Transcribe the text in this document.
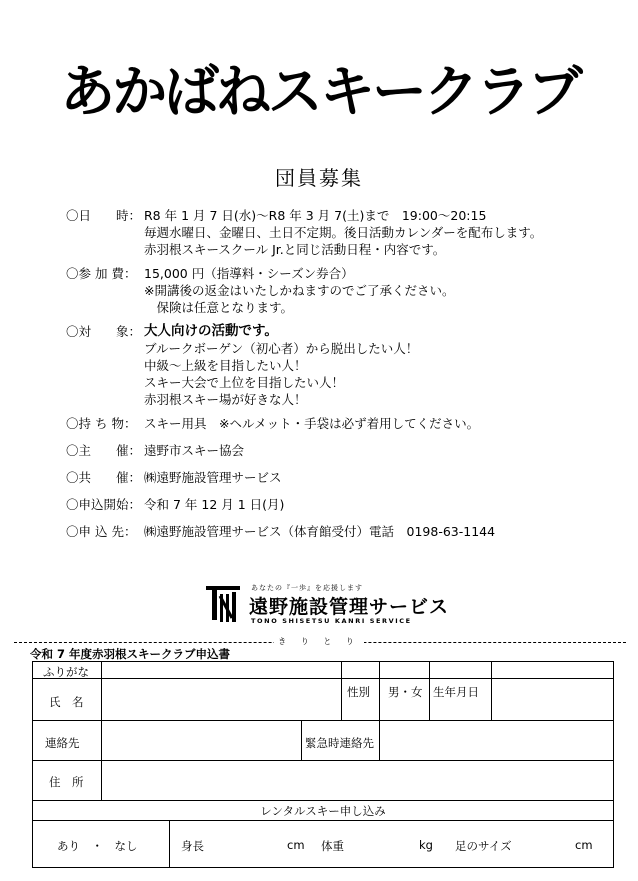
あかばねスキークラブ
団員募集
〇日　　時： R8 年 1 月 7 日(水)〜R8 年 3 月 7(土)まで　19:00〜20:15
毎週水曜日、金曜日、土日不定期。後日活動カレンダーを配布します。
赤羽根スキースクール Jr.と同じ活動日程・内容です。
〇参 加 費： 15,000 円（指導料・シーズン券合）
※開講後の返金はいたしかねますのでご了承ください。
　保険は任意となります。
〇対　　象： 大人向けの活動です。
ブルークボーゲン（初心者）から脱出したい人！
中級〜上級を目指したい人！
スキー大会で上位を目指したい人！
赤羽根スキー場が好きな人！
〇持 ち 物： スキー用具　※ヘルメット・手袋は必ず着用してください。
〇主　　催： 遠野市スキー協会
〇共　　催： ㈱遠野施設管理サービス
〇申込開始： 令和 7 年 12 月 1 日(月)
〇申 込 先： ㈱遠野施設管理サービス（体育館受付）電話　0198-63-1144
あなたの『一歩』を応援します
遠野施設管理サービス
TONO SHISETSU KANRI SERVICE
き り と り
令和 7 年度赤羽根スキークラブ申込書
ふりがな
氏　名
性別 男・女 生年月日
連絡先	緊急時連絡先
住　所
レンタルスキー申し込み
あり　・　なし	身長	cm 体重	kg 足のサイズ	cm
